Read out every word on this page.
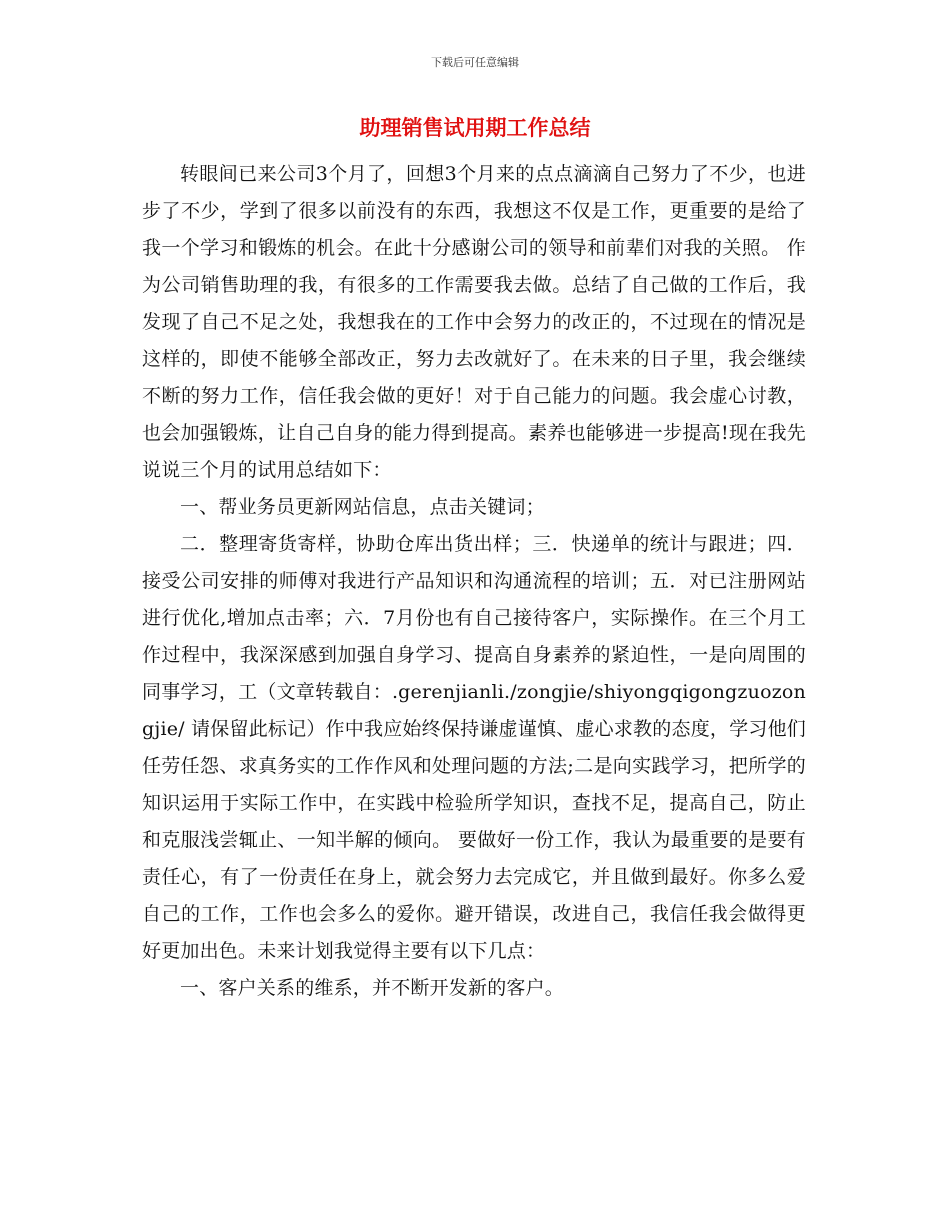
下载后可任意编辑
助理销售试用期工作总结

转眼间已来公司3个月了，回想3个月来的点点滴滴自己努力了不少，也进步了不少，学到了很多以前没有的东西，我想这不仅是工作，更重要的是给了我一个学习和锻炼的机会。在此十分感谢公司的领导和前辈们对我的关照。 作为公司销售助理的我，有很多的工作需要我去做。总结了自己做的工作后，我发现了自己不足之处，我想我在的工作中会努力的改正的，不过现在的情况是这样的，即使不能够全部改正，努力去改就好了。在未来的日子里，我会继续不断的努力工作，信任我会做的更好！对于自己能力的问题。我会虚心讨教，也会加强锻炼，让自己自身的能力得到提高。素养也能够进一步提高!现在我先说说三个月的试用总结如下：

一、帮业务员更新网站信息，点击关键词；

二．整理寄货寄样，协助仓库出货出样；三．快递单的统计与跟进；四．接受公司安排的师傅对我进行产品知识和沟通流程的培训；五．对已注册网站进行优化,增加点击率；六．7月份也有自己接待客户，实际操作。在三个月工作过程中，我深深感到加强自身学习、提高自身素养的紧迫性，一是向周围的同事学习，工（文章转载自：.gerenjianli./zongjie/shiyongqigongzuozongjie/ 请保留此标记）作中我应始终保持谦虚谨慎、虚心求教的态度，学习他们任劳任怨、求真务实的工作作风和处理问题的方法;二是向实践学习，把所学的知识运用于实际工作中，在实践中检验所学知识，查找不足，提高自己，防止和克服浅尝辄止、一知半解的倾向。 要做好一份工作，我认为最重要的是要有责任心，有了一份责任在身上，就会努力去完成它，并且做到最好。你多么爱自己的工作，工作也会多么的爱你。避开错误，改进自己，我信任我会做得更好更加出色。未来计划我觉得主要有以下几点：

一、客户关系的维系，并不断开发新的客户。
